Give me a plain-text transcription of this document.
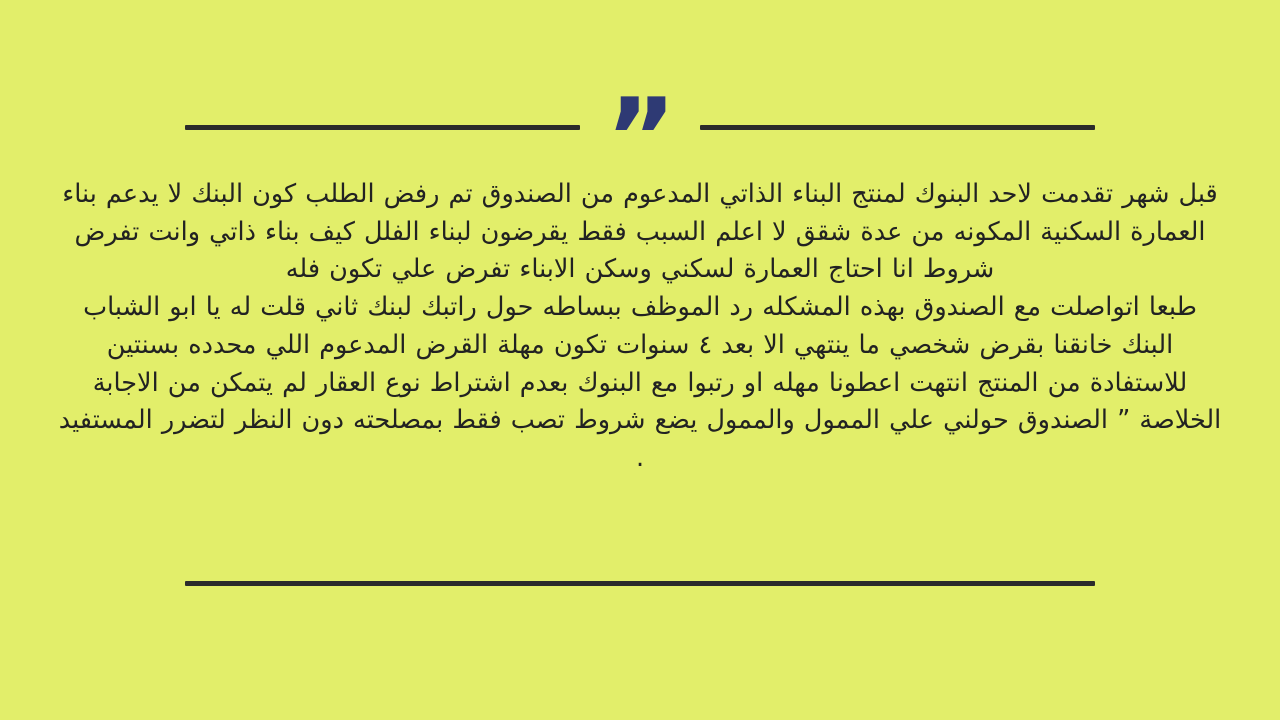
”

قبل شهر تقدمت لاحد البنوك لمنتج البناء الذاتي المدعوم من الصندوق تم رفض الطلب كون البنك لا يدعم بناء العمارة السكنية المكونه من عدة شقق لا اعلم السبب فقط يقرضون لبناء الفلل كيف بناء ذاتي وانت تفرض شروط انا احتاج العمارة لسكني وسكن الابناء تفرض علي تكون فله

طبعا اتواصلت مع الصندوق بهذه المشكله رد الموظف ببساطه حول راتبك لبنك ثاني قلت له يا ابو الشباب البنك خانقنا بقرض شخصي ما ينتهي الا بعد ٤ سنوات تكون مهلة القرض المدعوم اللي محدده بسنتين للاستفادة من المنتج انتهت اعطونا مهله او رتبوا مع البنوك بعدم اشتراط نوع العقار لم يتمكن من الاجابة

الخلاصة ” الصندوق حولني علي الممول والممول يضع شروط تصب فقط بمصلحته دون النظر لتضرر المستفيد .
